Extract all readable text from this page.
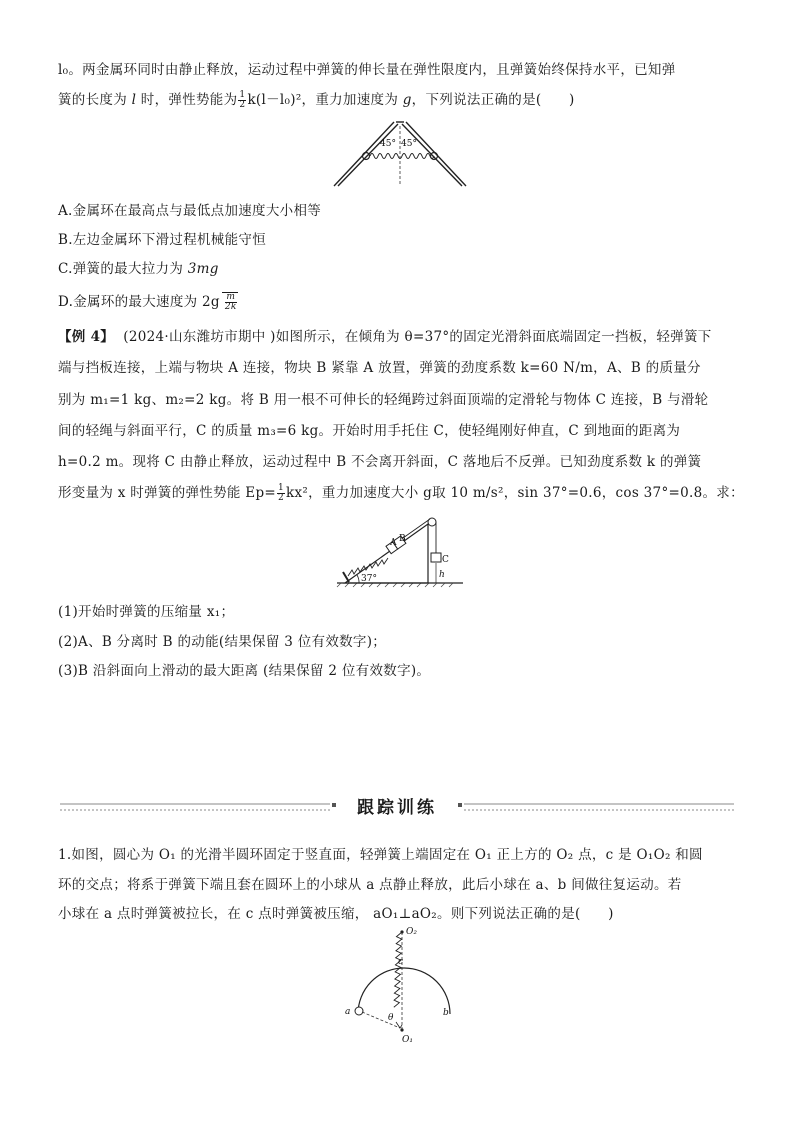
l₀。两金属环同时由静止释放，运动过程中弹簧的伸长量在弹性限度内，且弹簧始终保持水平，已知弹
簧的长度为 l 时，弹性势能为 $\frac{1}{2} k(l-l_0)^2$，重力加速度为 g，下列说法正确的是(　　)
45° 45°
A.金属环在最高点与最低点加速度大小相等
B.左边金属环下滑过程机械能守恒
C.弹簧的最大拉力为 3mg
D.金属环的最大速度为 $2g \frac{m}{2k}$
【例 4】 (2024·山东潍坊市期中 )如图所示，在倾角为 θ=37°的固定光滑斜面底端固定一挡板，轻弹簧下
端与挡板连接，上端与物块 A 连接，物块 B 紧靠 A 放置，弹簧的劲度系数 k=60 N/m，A、B 的质量分
别为 m₁=1 kg、m₂=2 kg。将 B 用一根不可伸长的轻绳跨过斜面顶端的定滑轮与物体 C 连接，B 与滑轮
间的轻绳与斜面平行，C 的质量 m₃=6 kg。开始时用手托住 C，使轻绳刚好伸直，C 到地面的距离为
h=0.2 m。现将 C 由静止释放，运动过程中 B 不会离开斜面，C 落地后不反弹。已知劲度系数 k 的弹簧
形变量为 x 时弹簧的弹性势能 $Ep= \frac{1}{2} kx^2$，重力加速度大小 g取 10 m/s²，sin 37°=0.6，cos 37°=0.8。求：
A B
C
h
37°
(1)开始时弹簧的压缩量 x₁；
(2)A、B 分离时 B 的动能(结果保留 3 位有效数字)；
(3)B 沿斜面向上滑动的最大距离 (结果保留 2 位有效数字)。
跟踪训练
1.如图，圆心为 O₁ 的光滑半圆环固定于竖直面，轻弹簧上端固定在 O₁ 正上方的 O₂ 点，c 是 O₁O₂ 和圆
环的交点；将系于弹簧下端且套在圆环上的小球从 a 点静止释放，此后小球在 a、b 间做往复运动。若
小球在 a 点时弹簧被拉长，在 c 点时弹簧被压缩， aO₁⊥aO₂。则下列说法正确的是(　　)
O₂
c
a	b
θ
O₁
